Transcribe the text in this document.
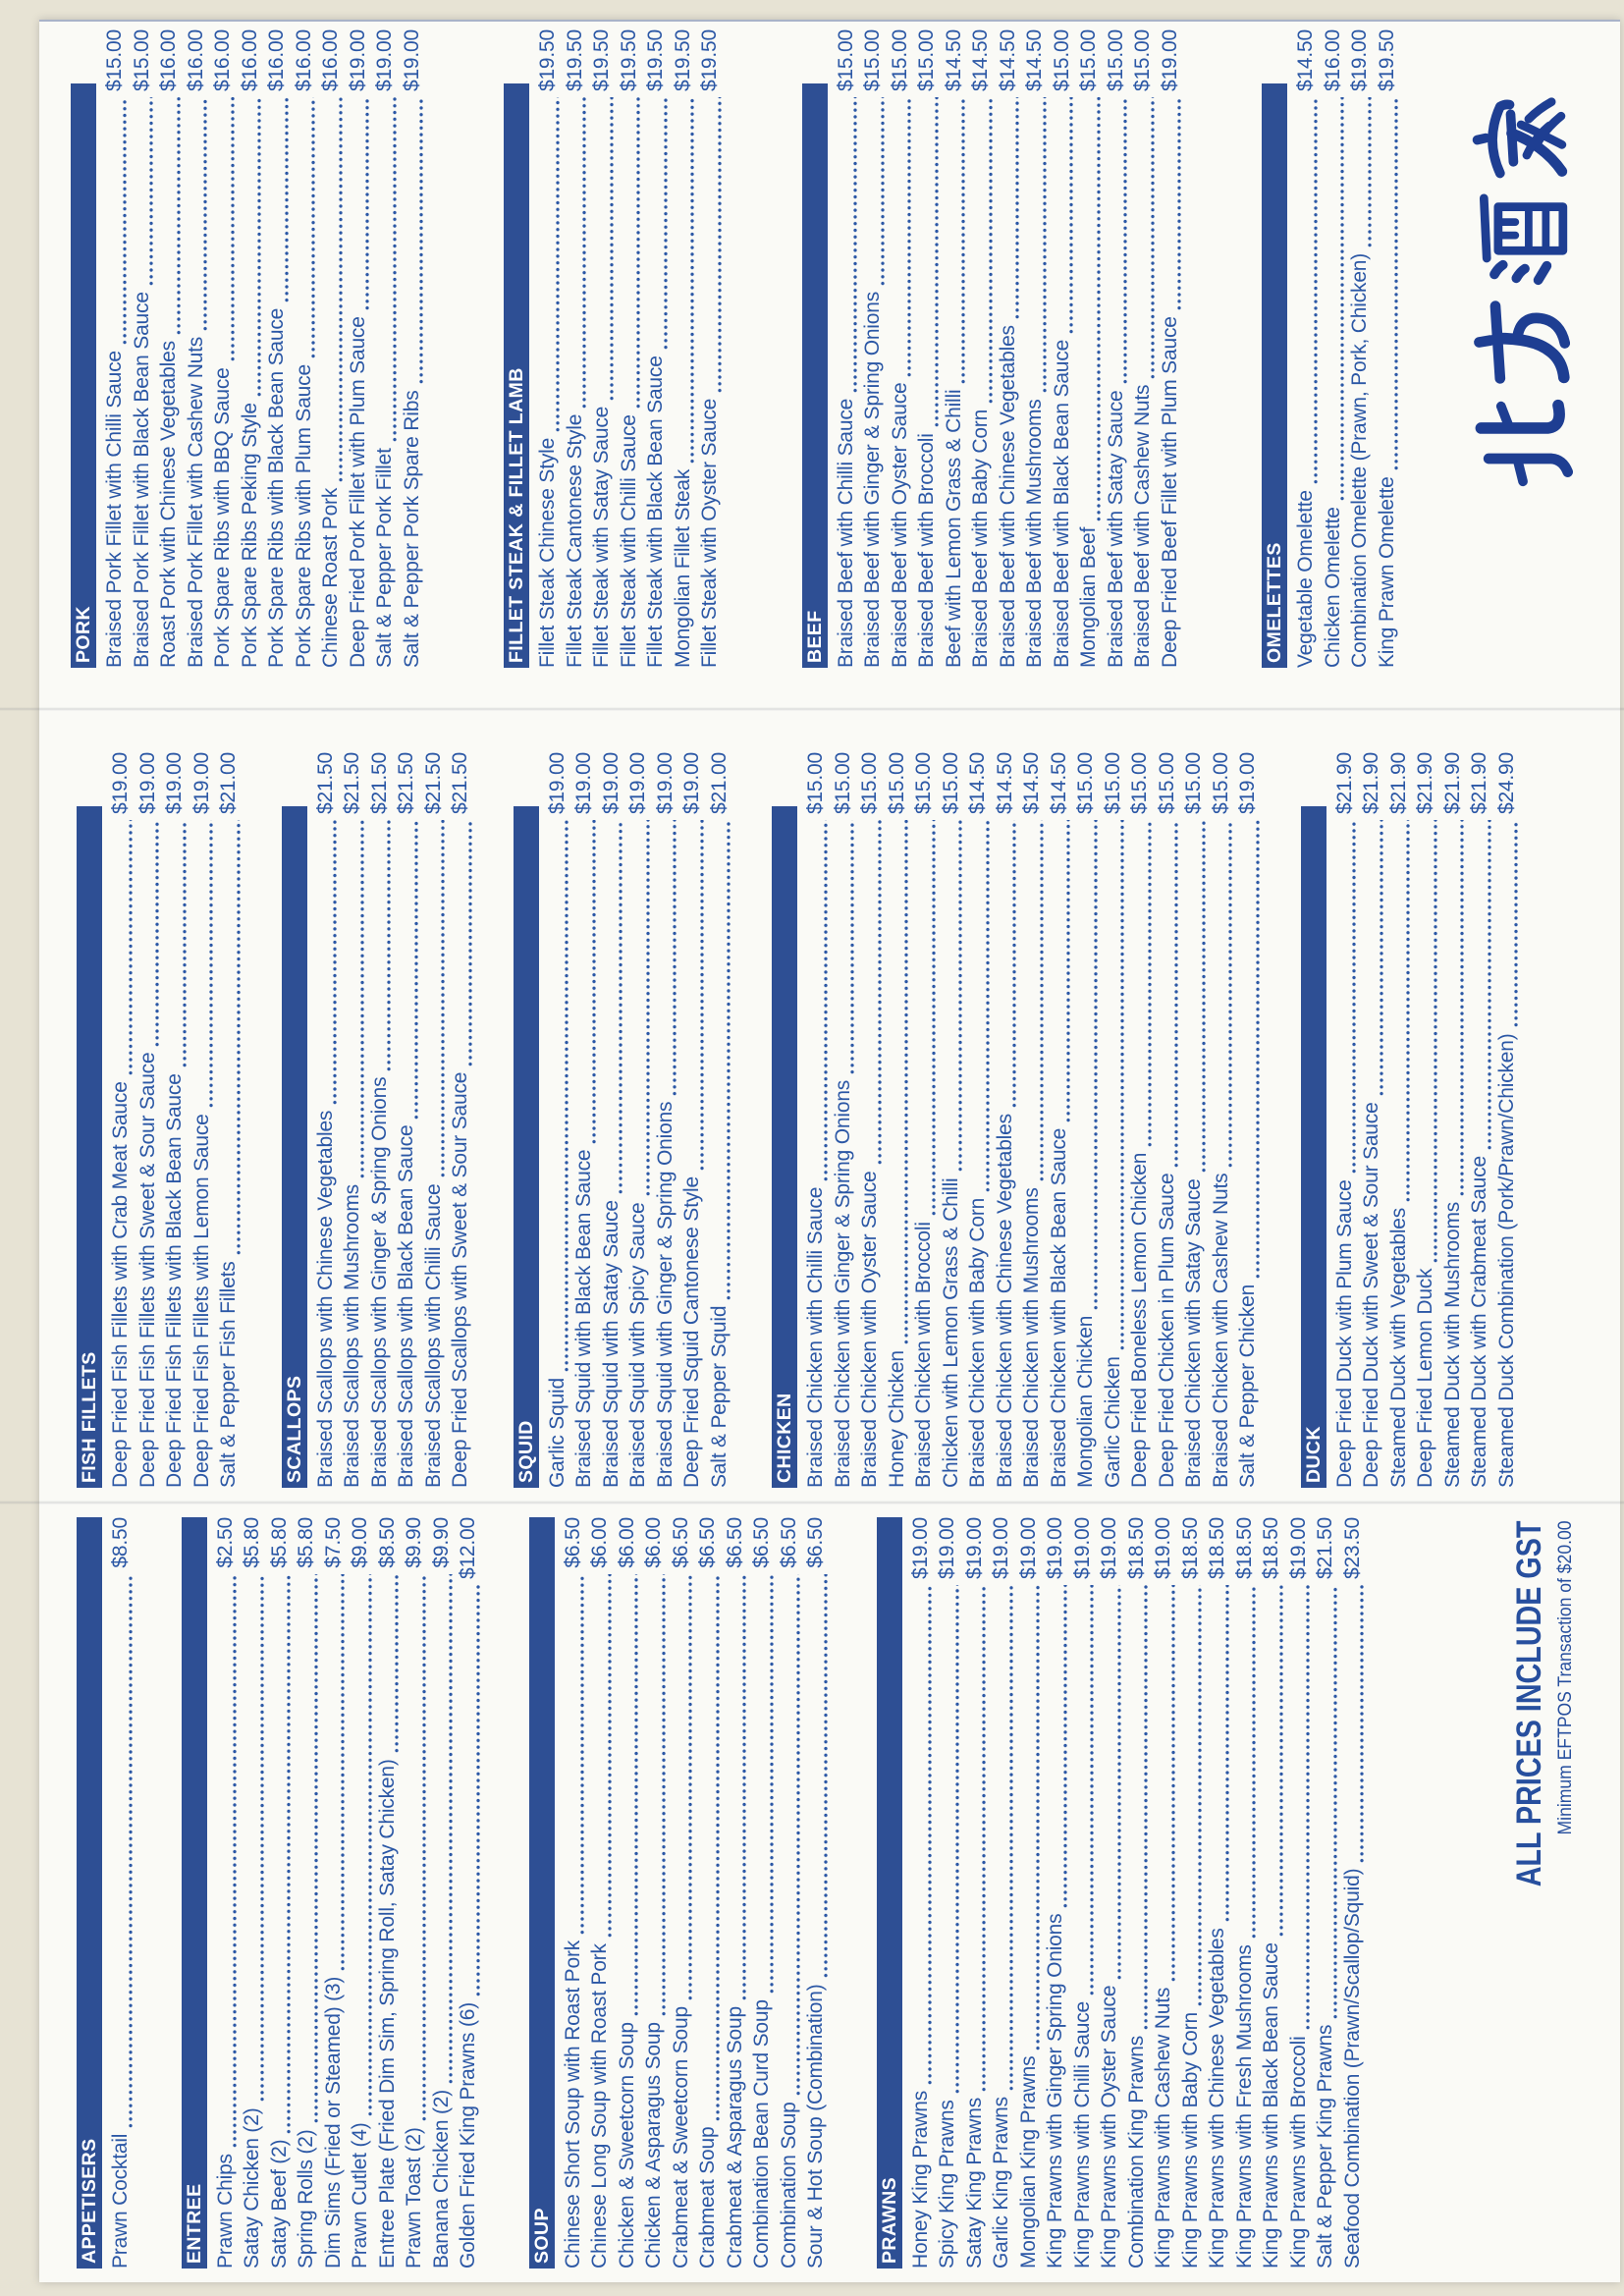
APPETISERS Prawn Cocktail
$8.50
ENTREE Prawn Chips
$2.50
Satay Chicken (2)
$5.80
Satay Beef (2)
$5.80
Spring Rolls (2)
$5.80
Dim Sims (Fried or Steamed) (3)
$7.50
Prawn Cutlet (4)
$9.00
Entree Plate (Fried Dim Sim, Spring Roll, Satay Chicken)
$8.50
Prawn Toast (2)
$9.90
Banana Chicken (2)
$9.90
Golden Fried King Prawns (6)
$12.00
SOUP Chinese Short Soup with Roast Pork
$6.50
Chinese Long Soup with Roast Pork
$6.00
Chicken & Sweetcorn Soup
$6.00
Chicken & Asparagus Soup
$6.00
Crabmeat & Sweetcorn Soup
$6.50
Crabmeat Soup
$6.50
Crabmeat & Asparagus Soup
$6.50
Combination Bean Curd Soup
$6.50
Combination Soup
$6.50
Sour & Hot Soup (Combination)
$6.50
PRAWNS Honey King Prawns
$19.00
Spicy King Prawns
$19.00
Satay King Prawns
$19.00
Garlic King Prawns
$19.00
Mongolian King Prawns
$19.00
King Prawns with Ginger Spring Onions
$19.00
King Prawns with Chilli Sauce
$19.00
King Prawns with Oyster Sauce
$19.00
Combination King Prawns
$18.50
King Prawns with Cashew Nuts
$19.00
King Prawns with Baby Corn
$18.50
King Prawns with Chinese Vegetables
$18.50
King Prawns with Fresh Mushrooms
$18.50
King Prawns with Black Bean Sauce
$18.50
King Prawns with Broccoli
$19.00
Salt & Pepper King Prawns
$21.50
Seafood Combination (Prawn/Scallop/Squid)
$23.50
FISH FILLETS Deep Fried Fish Fillets with Crab Meat Sauce
$19.00
Deep Fried Fish Fillets with Sweet & Sour Sauce
$19.00
Deep Fried Fish Fillets with Black Bean Sauce
$19.00
Deep Fried Fish Fillets with Lemon Sauce
$19.00
Salt & Pepper Fish Fillets
$21.00
SCALLOPS Braised Scallops with Chinese Vegetables
$21.50
Braised Scallops with Mushrooms
$21.50
Braised Scallops with Ginger & Spring Onions
$21.50
Braised Scallops with Black Bean Sauce
$21.50
Braised Scallops with Chilli Sauce
$21.50
Deep Fried Scallops with Sweet & Sour Sauce
$21.50
SQUID Garlic Squid
$19.00
Braised Squid with Black Bean Sauce
$19.00
Braised Squid with Satay Sauce
$19.00
Braised Squid with Spicy Sauce
$19.00
Braised Squid with Ginger & Spring Onions
$19.00
Deep Fried Squid Cantonese Style
$19.00
Salt & Pepper Squid
$21.00
CHICKEN Braised Chicken with Chilli Sauce
$15.00
Braised Chicken with Ginger & Spring Onions
$15.00
Braised Chicken with Oyster Sauce
$15.00
Honey Chicken
$15.00
Braised Chicken with Broccoli
$15.00
Chicken with Lemon Grass & Chilli
$15.00
Braised Chicken with Baby Corn
$14.50
Braised Chicken with Chinese Vegetables
$14.50
Braised Chicken with Mushrooms
$14.50
Braised Chicken with Black Bean Sauce
$14.50
Mongolian Chicken
$15.00
Garlic Chicken
$15.00
Deep Fried Boneless Lemon Chicken
$15.00
Deep Fried Chicken in Plum Sauce
$15.00
Braised Chicken with Satay Sauce
$15.00
Braised Chicken with Cashew Nuts
$15.00
Salt & Pepper Chicken
$19.00
DUCK Deep Fried Duck with Plum Sauce
$21.90
Deep Fried Duck with Sweet & Sour Sauce
$21.90
Steamed Duck with Vegetables
$21.90
Deep Fried Lemon Duck
$21.90
Steamed Duck with Mushrooms
$21.90
Steamed Duck with Crabmeat Sauce
$21.90
Steamed Duck Combination (Pork/Prawn/Chicken)
$24.90
PORK Braised Pork Fillet with Chilli Sauce
$15.00
Braised Pork Fillet with Black Bean Sauce
$15.00
Roast Pork with Chinese Vegetables
$16.00
Braised Pork Fillet with Cashew Nuts
$16.00
Pork Spare Ribs with BBQ Sauce
$16.00
Pork Spare Ribs Peking Style
$16.00
Pork Spare Ribs with Black Bean Sauce
$16.00
Pork Spare Ribs with Plum Sauce
$16.00
Chinese Roast Pork
$16.00
Deep Fried Pork Fillet with Plum Sauce
$19.00
Salt & Pepper Pork Fillet
$19.00
Salt & Pepper Pork Spare Ribs
$19.00
FILLET STEAK & FILLET LAMB Fillet Steak Chinese Style
$19.50
Fillet Steak Cantonese Style
$19.50
Fillet Steak with Satay Sauce
$19.50
Fillet Steak with Chilli Sauce
$19.50
Fillet Steak with Black Bean Sauce
$19.50
Mongolian Fillet Steak
$19.50
Fillet Steak with Oyster Sauce
$19.50
BEEF Braised Beef with Chilli Sauce
$15.00
Braised Beef with Ginger & Spring Onions
$15.00
Braised Beef with Oyster Sauce
$15.00
Braised Beef with Broccoli
$15.00
Beef with Lemon Grass & Chilli
$14.50
Braised Beef with Baby Corn
$14.50
Braised Beef with Chinese Vegetables
$14.50
Braised Beef with Mushrooms
$14.50
Braised Beef with Black Bean Sauce
$15.00
Mongolian Beef
$15.00
Braised Beef with Satay Sauce
$15.00
Braised Beef with Cashew Nuts
$15.00
Deep Fried Beef Fillet with Plum Sauce
$19.00
OMELETTES Vegetable Omelette
$14.50
Chicken Omelette
$16.00
Combination Omelette (Prawn, Pork, Chicken)
$19.00
King Prawn Omelette
$19.50
ALL PRICES INCLUDE GST Minimum EFTPOS Transaction of $20.00
